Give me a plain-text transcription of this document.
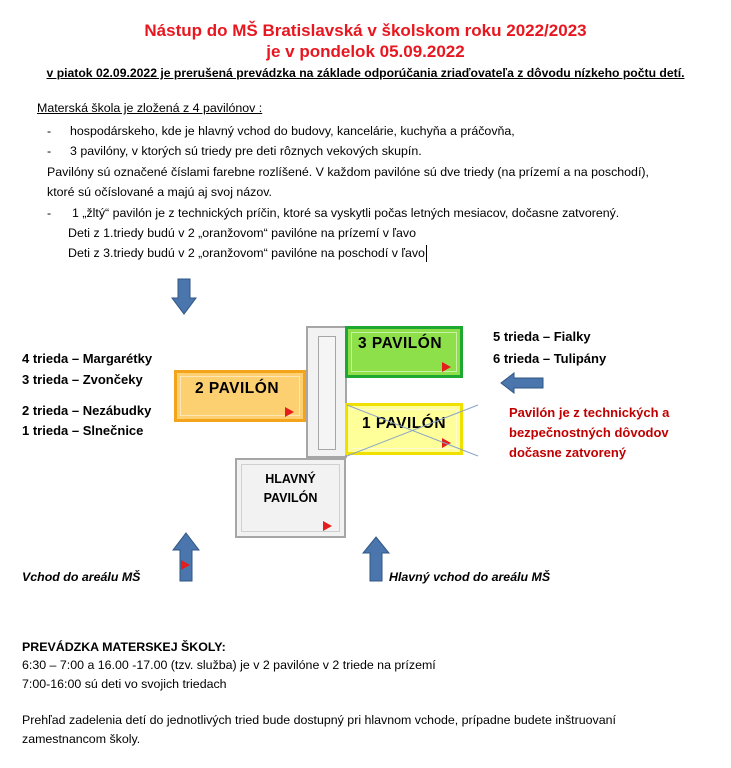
Nástup do MŠ Bratislavská v školskom roku 2022/2023
je v pondelok 05.09.2022
v piatok 02.09.2022 je prerušená prevádzka na základe odporúčania zriaďovateľa z dôvodu nízkeho počtu detí.
Materská škola je zložená z 4 pavilónov :
- hospodárskeho, kde je hlavný vchod do budovy, kancelárie, kuchyňa a práčovňa,
- 3 pavilóny, v ktorých sú triedy pre deti rôznych vekových skupín.
Pavilóny sú označené číslami farebne rozlíšené. V každom pavilóne sú dve triedy (na prízemí a na poschodí),
ktoré sú očíslované a majú aj svoj názov.
- 1 „žltý“ pavilón je z technických príčin, ktoré sa vyskytli počas letných mesiacov, dočasne zatvorený.
Deti z 1.triedy budú v 2 „oranžovom“ pavilóne na prízemí v ľavo
Deti z 3.triedy budú v 2 „oranžovom“ pavilóne na poschodí v ľavo
3 PAVILÓN
2 PAVILÓN
1 PAVILÓN
HLAVNÝ
PAVILÓN
4 trieda – Margarétky
3 trieda – Zvončeky
2 trieda – Nezábudky
1 trieda – Slnečnice
5 trieda – Fialky
6 trieda – Tulipány
Pavilón je z technických a
bezpečnostných dôvodov
dočasne zatvorený
Vchod do areálu MŠ	Hlavný vchod do areálu MŠ
PREVÁDZKA MATERSKEJ ŠKOLY:
6:30 – 7:00 a 16.00 -17.00 (tzv. služba) je v 2 pavilóne v 2 triede na prízemí
7:00-16:00 sú deti vo svojich triedach
Prehľad zadelenia detí do jednotlivých tried bude dostupný pri hlavnom vchode, prípadne budete inštruovaní
zamestnancom školy.
